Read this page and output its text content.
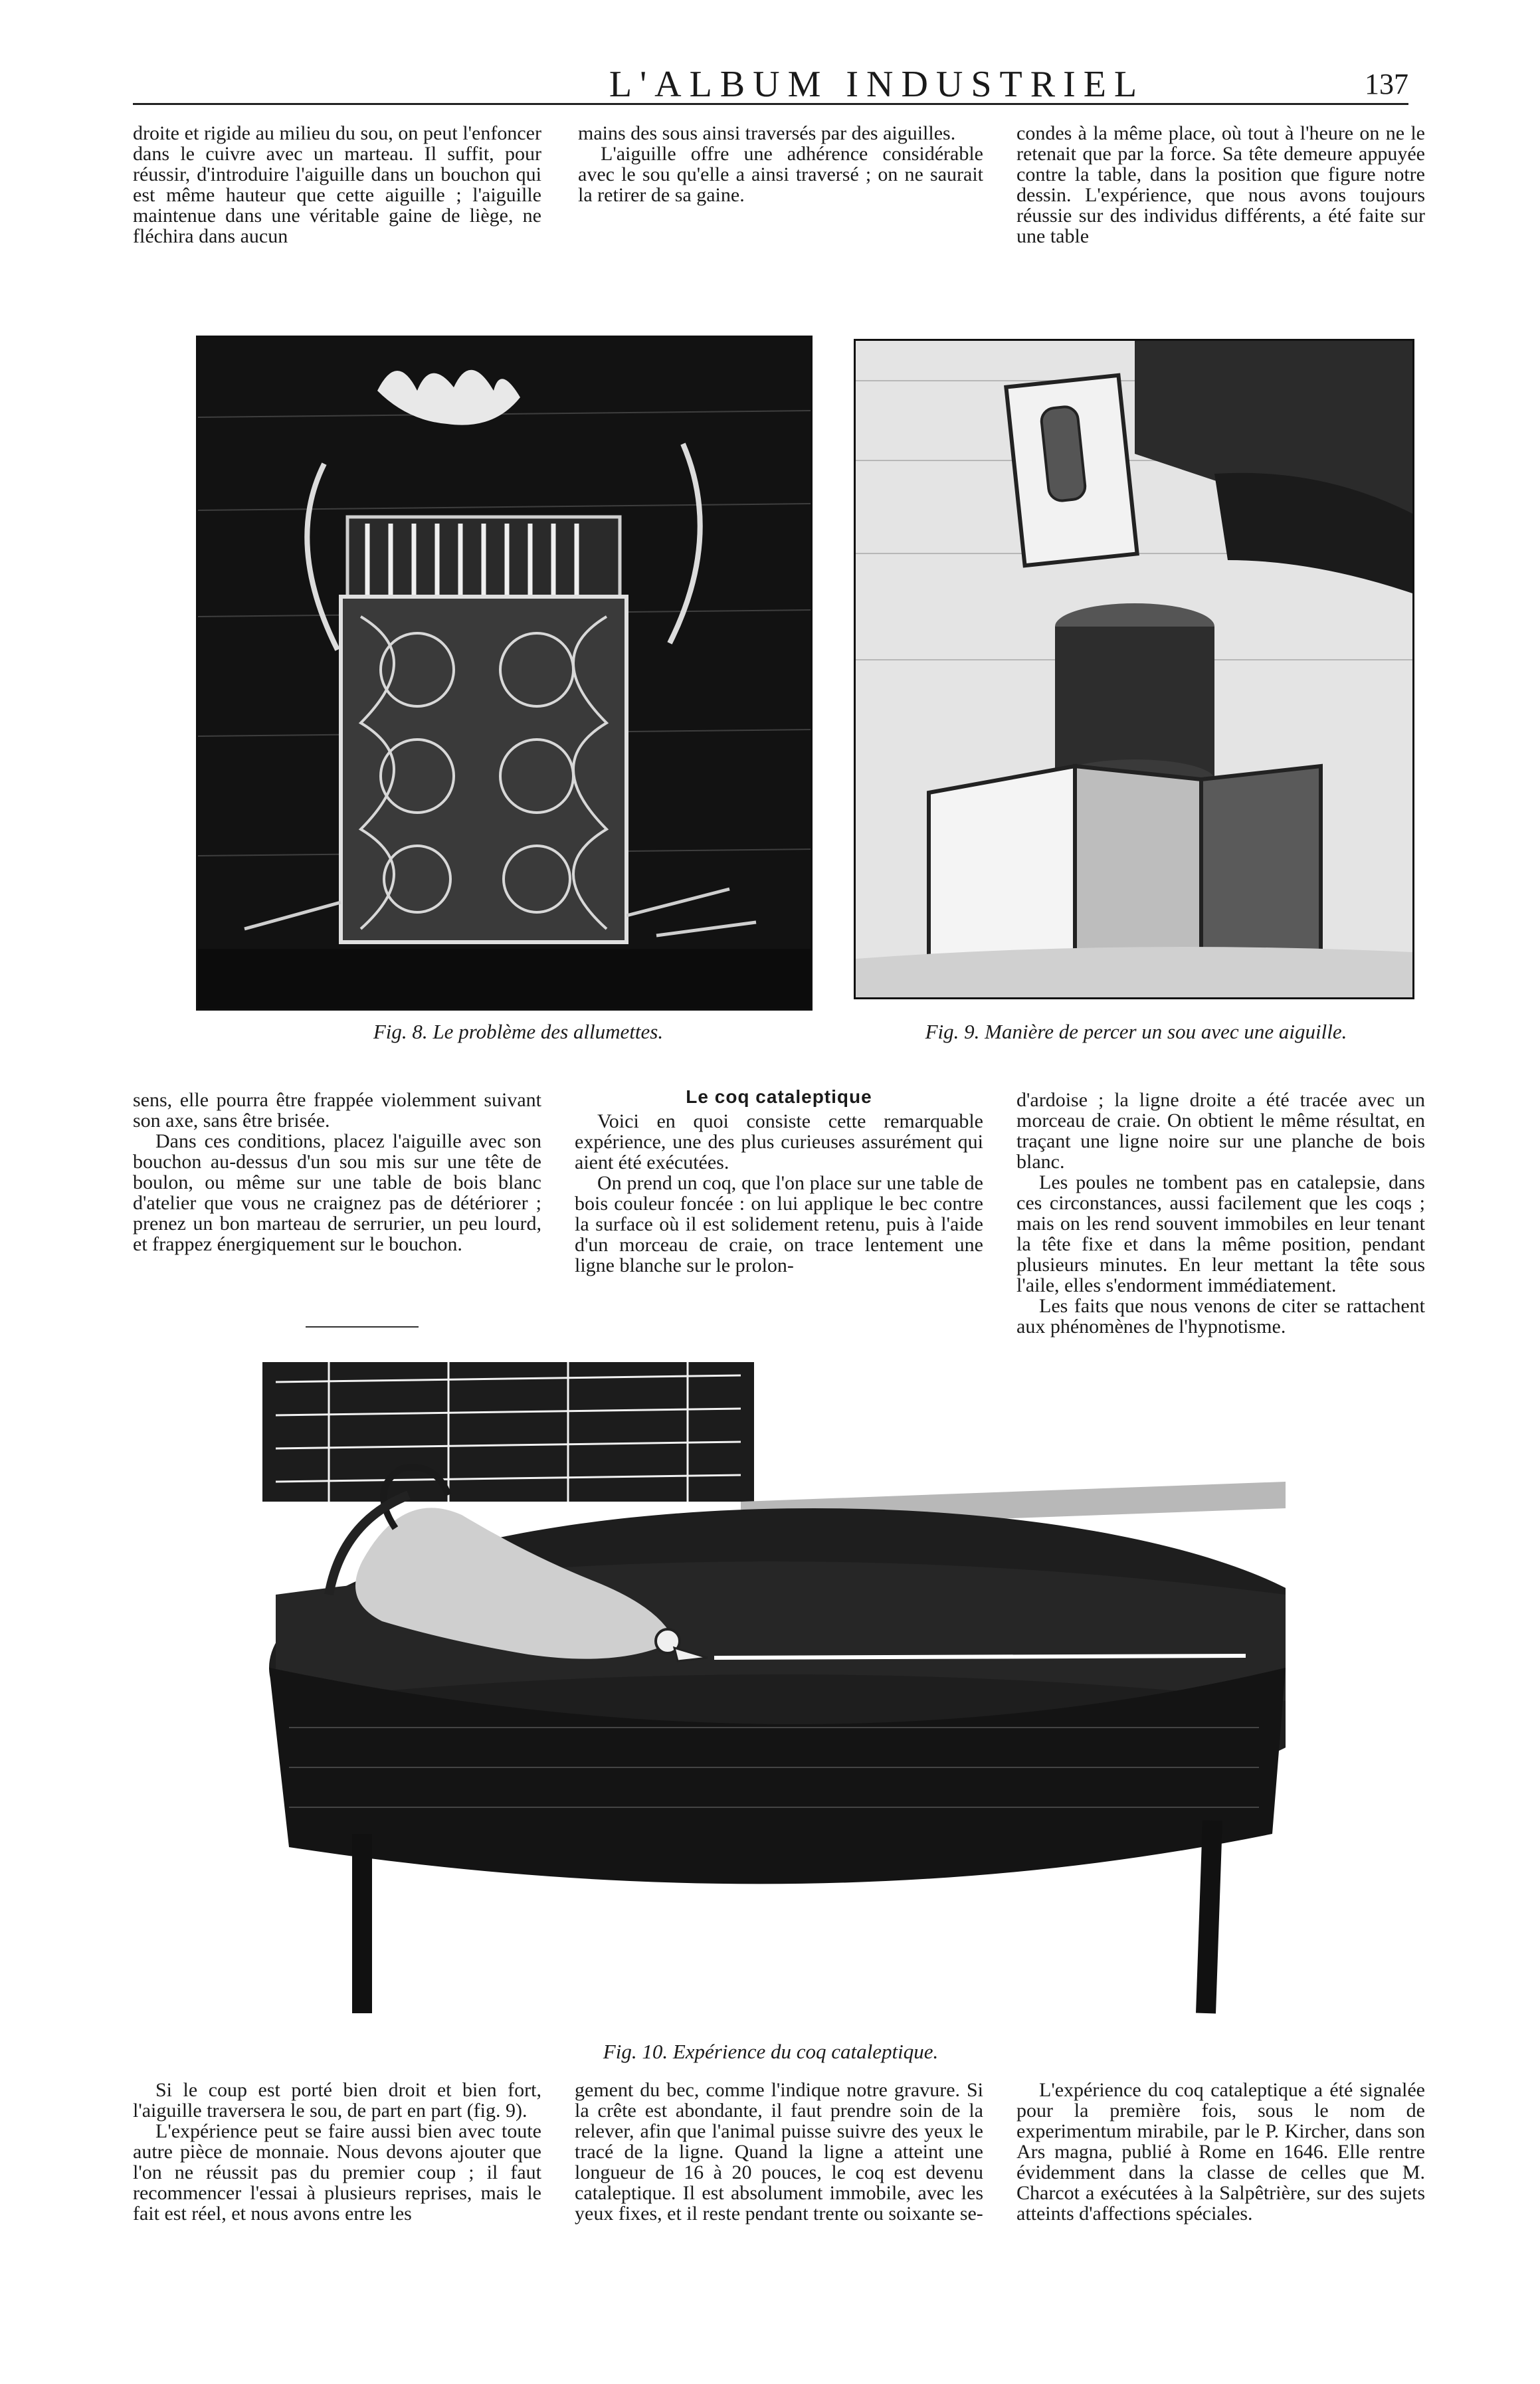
L'ALBUM INDUSTRIEL	137

droite et rigide au milieu du sou, on peut l'enfoncer dans le cuivre avec un marteau. Il suffit, pour réussir, d'introduire l'aiguille dans un bouchon qui est même hauteur que cette aiguille ; l'aiguille maintenue dans une véritable gaine de liège, ne fléchira dans aucun

mains des sous ainsi traversés par des aiguilles.

L'aiguille offre une adhérence considérable avec le sou qu'elle a ainsi traversé ; on ne saurait la retirer de sa gaine.

condes à la même place, où tout à l'heure on ne le retenait que par la force. Sa tête demeure appuyée contre la table, dans la position que figure notre dessin. L'expérience, que nous avons toujours réussie sur des individus différents, a été faite sur une table

Fig. 8. Le problème des allumettes.	Fig. 9. Manière de percer un sou avec une aiguille.

sens, elle pourra être frappée violemment suivant son axe, sans être brisée.

Dans ces conditions, placez l'aiguille avec son bouchon au-dessus d'un sou mis sur une tête de boulon, ou même sur une table de bois blanc d'atelier que vous ne craignez pas de détériorer ; prenez un bon marteau de serrurier, un peu lourd, et frappez énergiquement sur le bouchon.

Le coq cataleptique

Voici en quoi consiste cette remarquable expérience, une des plus curieuses assurément qui aient été exécutées.

On prend un coq, que l'on place sur une table de bois couleur foncée : on lui applique le bec contre la surface où il est solidement retenu, puis à l'aide d'un morceau de craie, on trace lentement une ligne blanche sur le prolon-

d'ardoise ; la ligne droite a été tracée avec un morceau de craie. On obtient le même résultat, en traçant une ligne noire sur une planche de bois blanc.

Les poules ne tombent pas en catalepsie, dans ces circonstances, aussi facilement que les coqs ; mais on les rend souvent immobiles en leur tenant la tête fixe et dans la même position, pendant plusieurs minutes. En leur mettant la tête sous l'aile, elles s'endorment immédiatement.

Les faits que nous venons de citer se rattachent aux phénomènes de l'hypnotisme.

Fig. 10. Expérience du coq cataleptique.

Si le coup est porté bien droit et bien fort, l'aiguille traversera le sou, de part en part (fig. 9).

L'expérience peut se faire aussi bien avec toute autre pièce de monnaie. Nous devons ajouter que l'on ne réussit pas du premier coup ; il faut recommencer l'essai à plusieurs reprises, mais le fait est réel, et nous avons entre les

gement du bec, comme l'indique notre gravure. Si la crête est abondante, il faut prendre soin de la relever, afin que l'animal puisse suivre des yeux le tracé de la ligne. Quand la ligne a atteint une longueur de 16 à 20 pouces, le coq est devenu cataleptique. Il est absolument immobile, avec les yeux fixes, et il reste pendant trente ou soixante se-

L'expérience du coq cataleptique a été signalée pour la première fois, sous le nom de experimentum mirabile, par le P. Kircher, dans son Ars magna, publié à Rome en 1646. Elle rentre évidemment dans la classe de celles que M. Charcot a exécutées à la Salpêtrière, sur des sujets atteints d'affections spéciales.
